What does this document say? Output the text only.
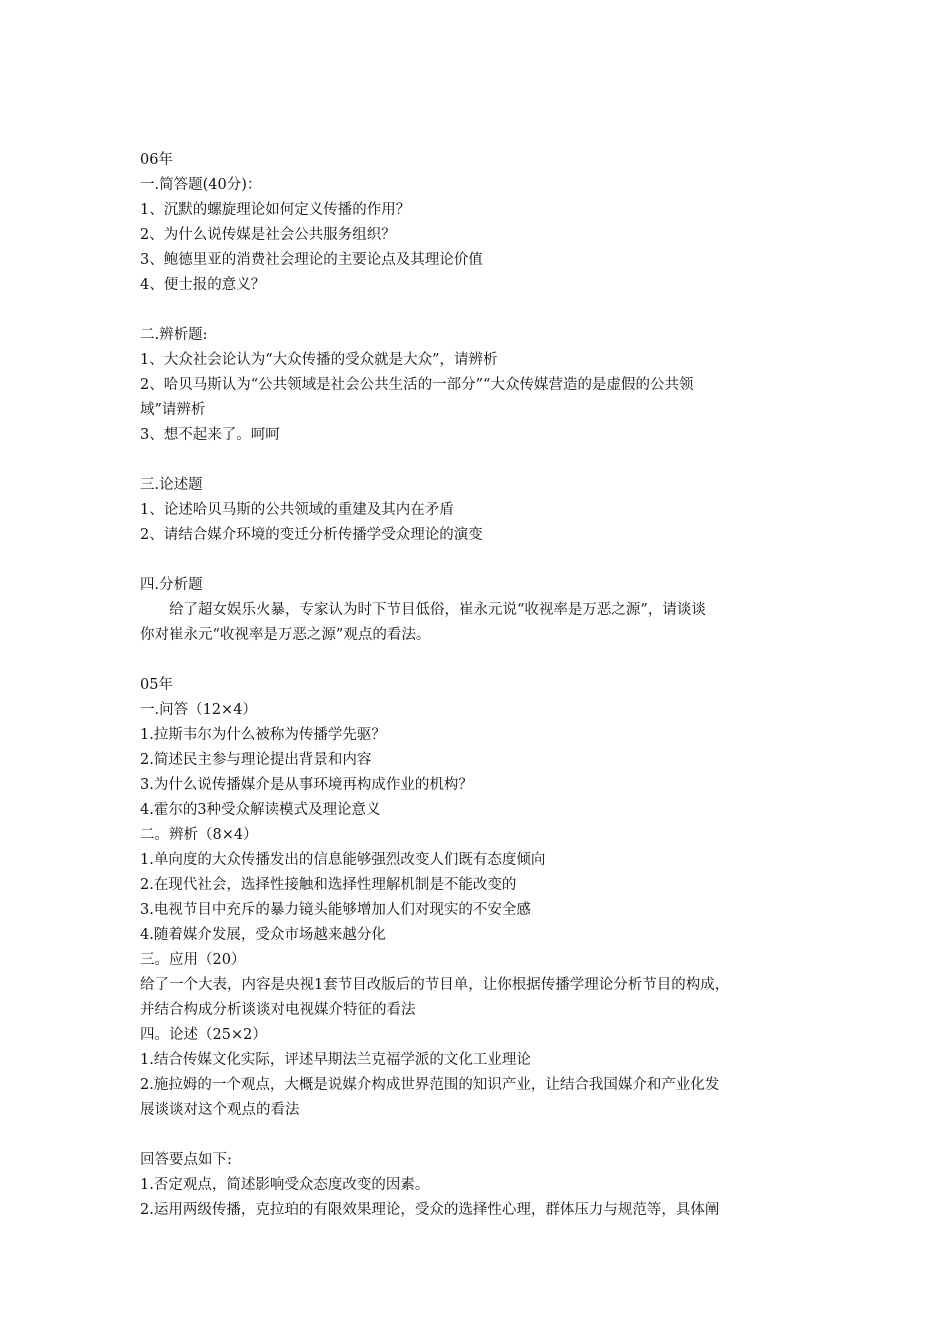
06年
一.简答题(40分)：
1、沉默的螺旋理论如何定义传播的作用？
2、为什么说传媒是社会公共服务组织？
3、鲍德里亚的消费社会理论的主要论点及其理论价值
4、便士报的意义？
二.辨析题:
1、大众社会论认为“大众传播的受众就是大众”，请辨析
2、哈贝马斯认为“公共领域是社会公共生活的一部分”“大众传媒营造的是虚假的公共领
域”请辨析
3、想不起来了。呵呵
三.论述题
1、论述哈贝马斯的公共领域的重建及其内在矛盾
2、请结合媒介环境的变迁分析传播学受众理论的演变
四.分析题
给了超女娱乐火暴，专家认为时下节目低俗，崔永元说“收视率是万恶之源”，请谈谈
你对崔永元“收视率是万恶之源”观点的看法。
05年
一.问答（12×4）
1.拉斯韦尔为什么被称为传播学先驱？
2.简述民主参与理论提出背景和内容
3.为什么说传播媒介是从事环境再构成作业的机构？
4.霍尔的3种受众解读模式及理论意义
二。辨析（8×4）
1.单向度的大众传播发出的信息能够强烈改变人们既有态度倾向
2.在现代社会，选择性接触和选择性理解机制是不能改变的
3.电视节目中充斥的暴力镜头能够增加人们对现实的不安全感
4.随着媒介发展，受众市场越来越分化
三。应用（20）
给了一个大表，内容是央视1套节目改版后的节目单，让你根据传播学理论分析节目的构成，
并结合构成分析谈谈对电视媒介特征的看法
四。论述（25×2）
1.结合传媒文化实际，评述早期法兰克福学派的文化工业理论
2.施拉姆的一个观点，大概是说媒介构成世界范围的知识产业，让结合我国媒介和产业化发
展谈谈对这个观点的看法
回答要点如下:
1.否定观点，简述影响受众态度改变的因素。
2.运用两级传播，克拉珀的有限效果理论，受众的选择性心理，群体压力与规范等，具体阐
